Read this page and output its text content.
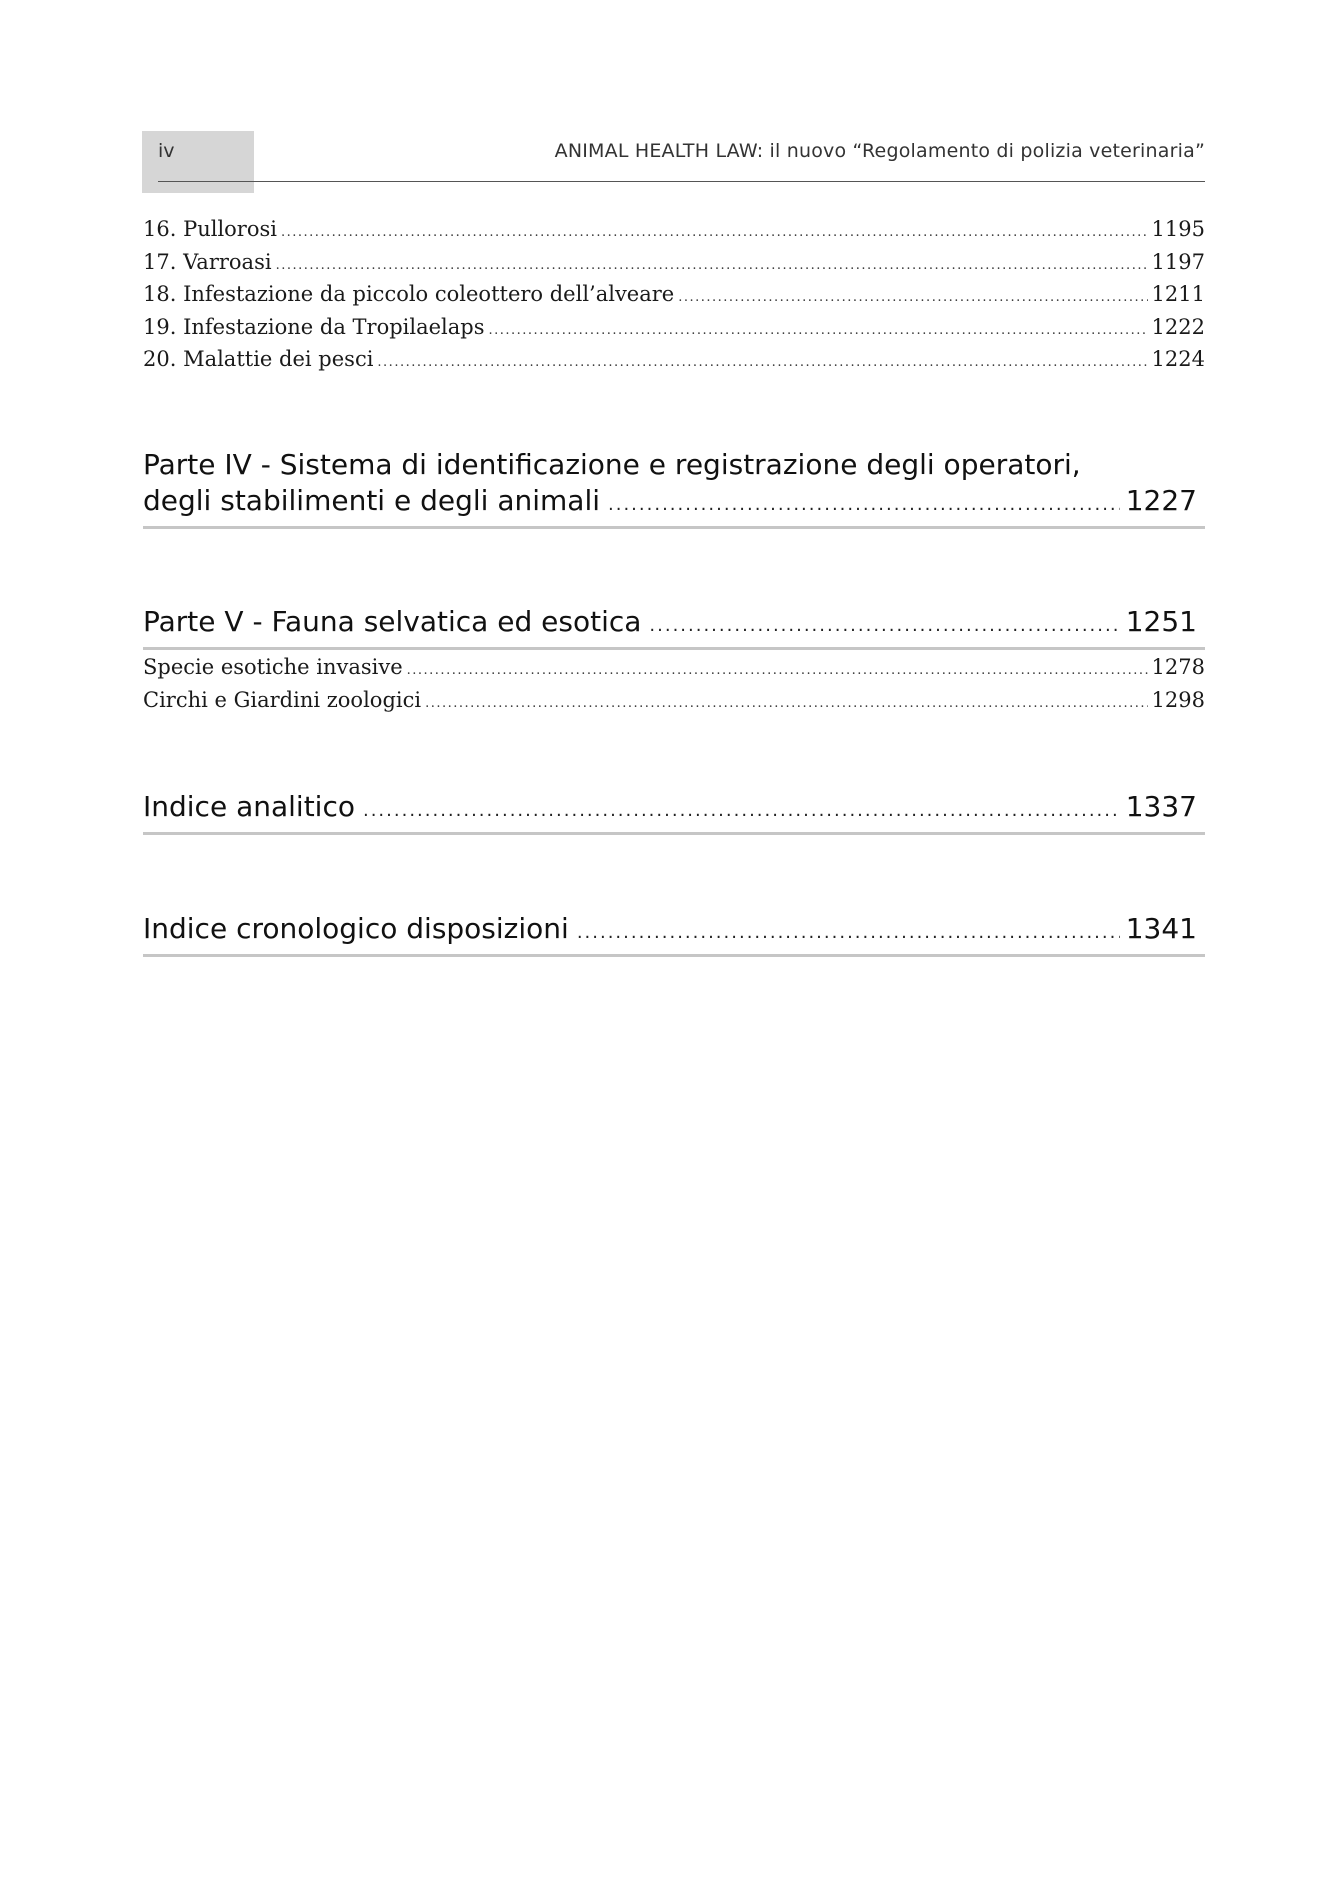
iv	ANIMAL HEALTH LAW: il nuovo “Regolamento di polizia veterinaria”
16. Pullorosi .....	1195
17. Varroasi .....	1197
18. Infestazione da piccolo coleottero dell’alveare .....	1211
19. Infestazione da Tropilaelaps .....	1222
20. Malattie dei pesci .....	1224
Parte IV - Sistema di identificazione e registrazione degli operatori,
degli stabilimenti e degli animali .....	1227
Parte V - Fauna selvatica ed esotica .....	1251
Specie esotiche invasive .....	1278
Circhi e Giardini zoologici .....	1298
Indice analitico .....	1337
Indice cronologico disposizioni .....	1341
